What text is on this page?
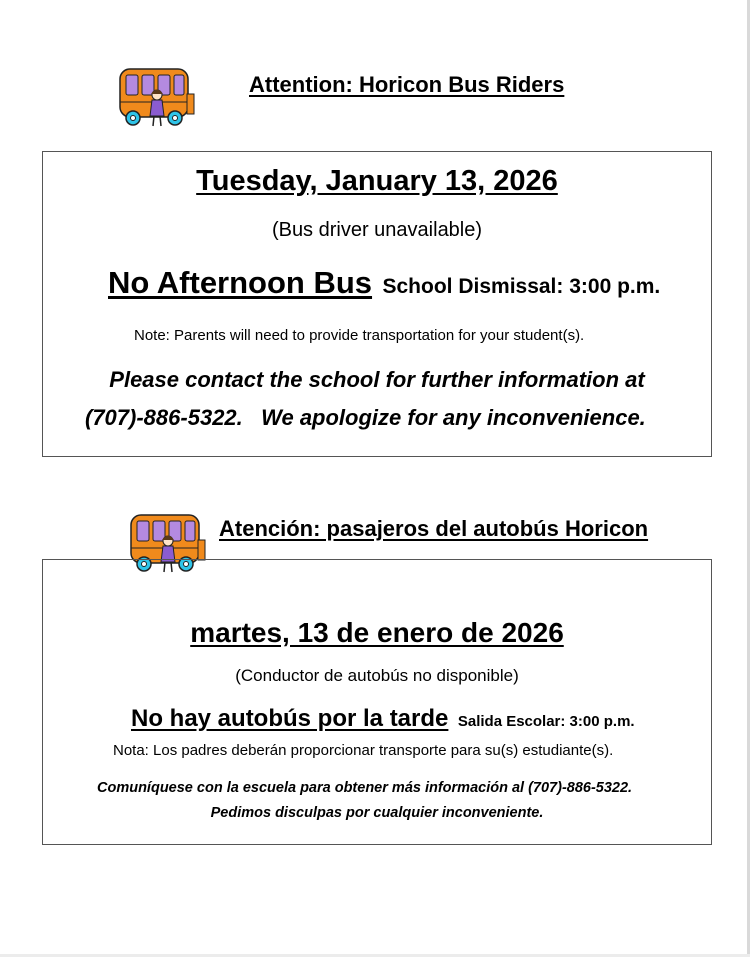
Attention: Horicon Bus Riders
Tuesday, January 13, 2026
(Bus driver unavailable)
No Afternoon Bus School Dismissal: 3:00 p.m.
Note: Parents will need to provide transportation for your student(s).
Please contact the school for further information at
(707)-886-5322.   We apologize for any inconvenience.
Atención: pasajeros del autobús Horicon
martes, 13 de enero de 2026
(Conductor de autobús no disponible)
No hay autobús por la tarde Salida Escolar: 3:00 p.m.
Nota: Los padres deberán proporcionar transporte para su(s) estudiante(s).
Comuníquese con la escuela para obtener más información al (707)-886-5322.
Pedimos disculpas por cualquier inconveniente.
